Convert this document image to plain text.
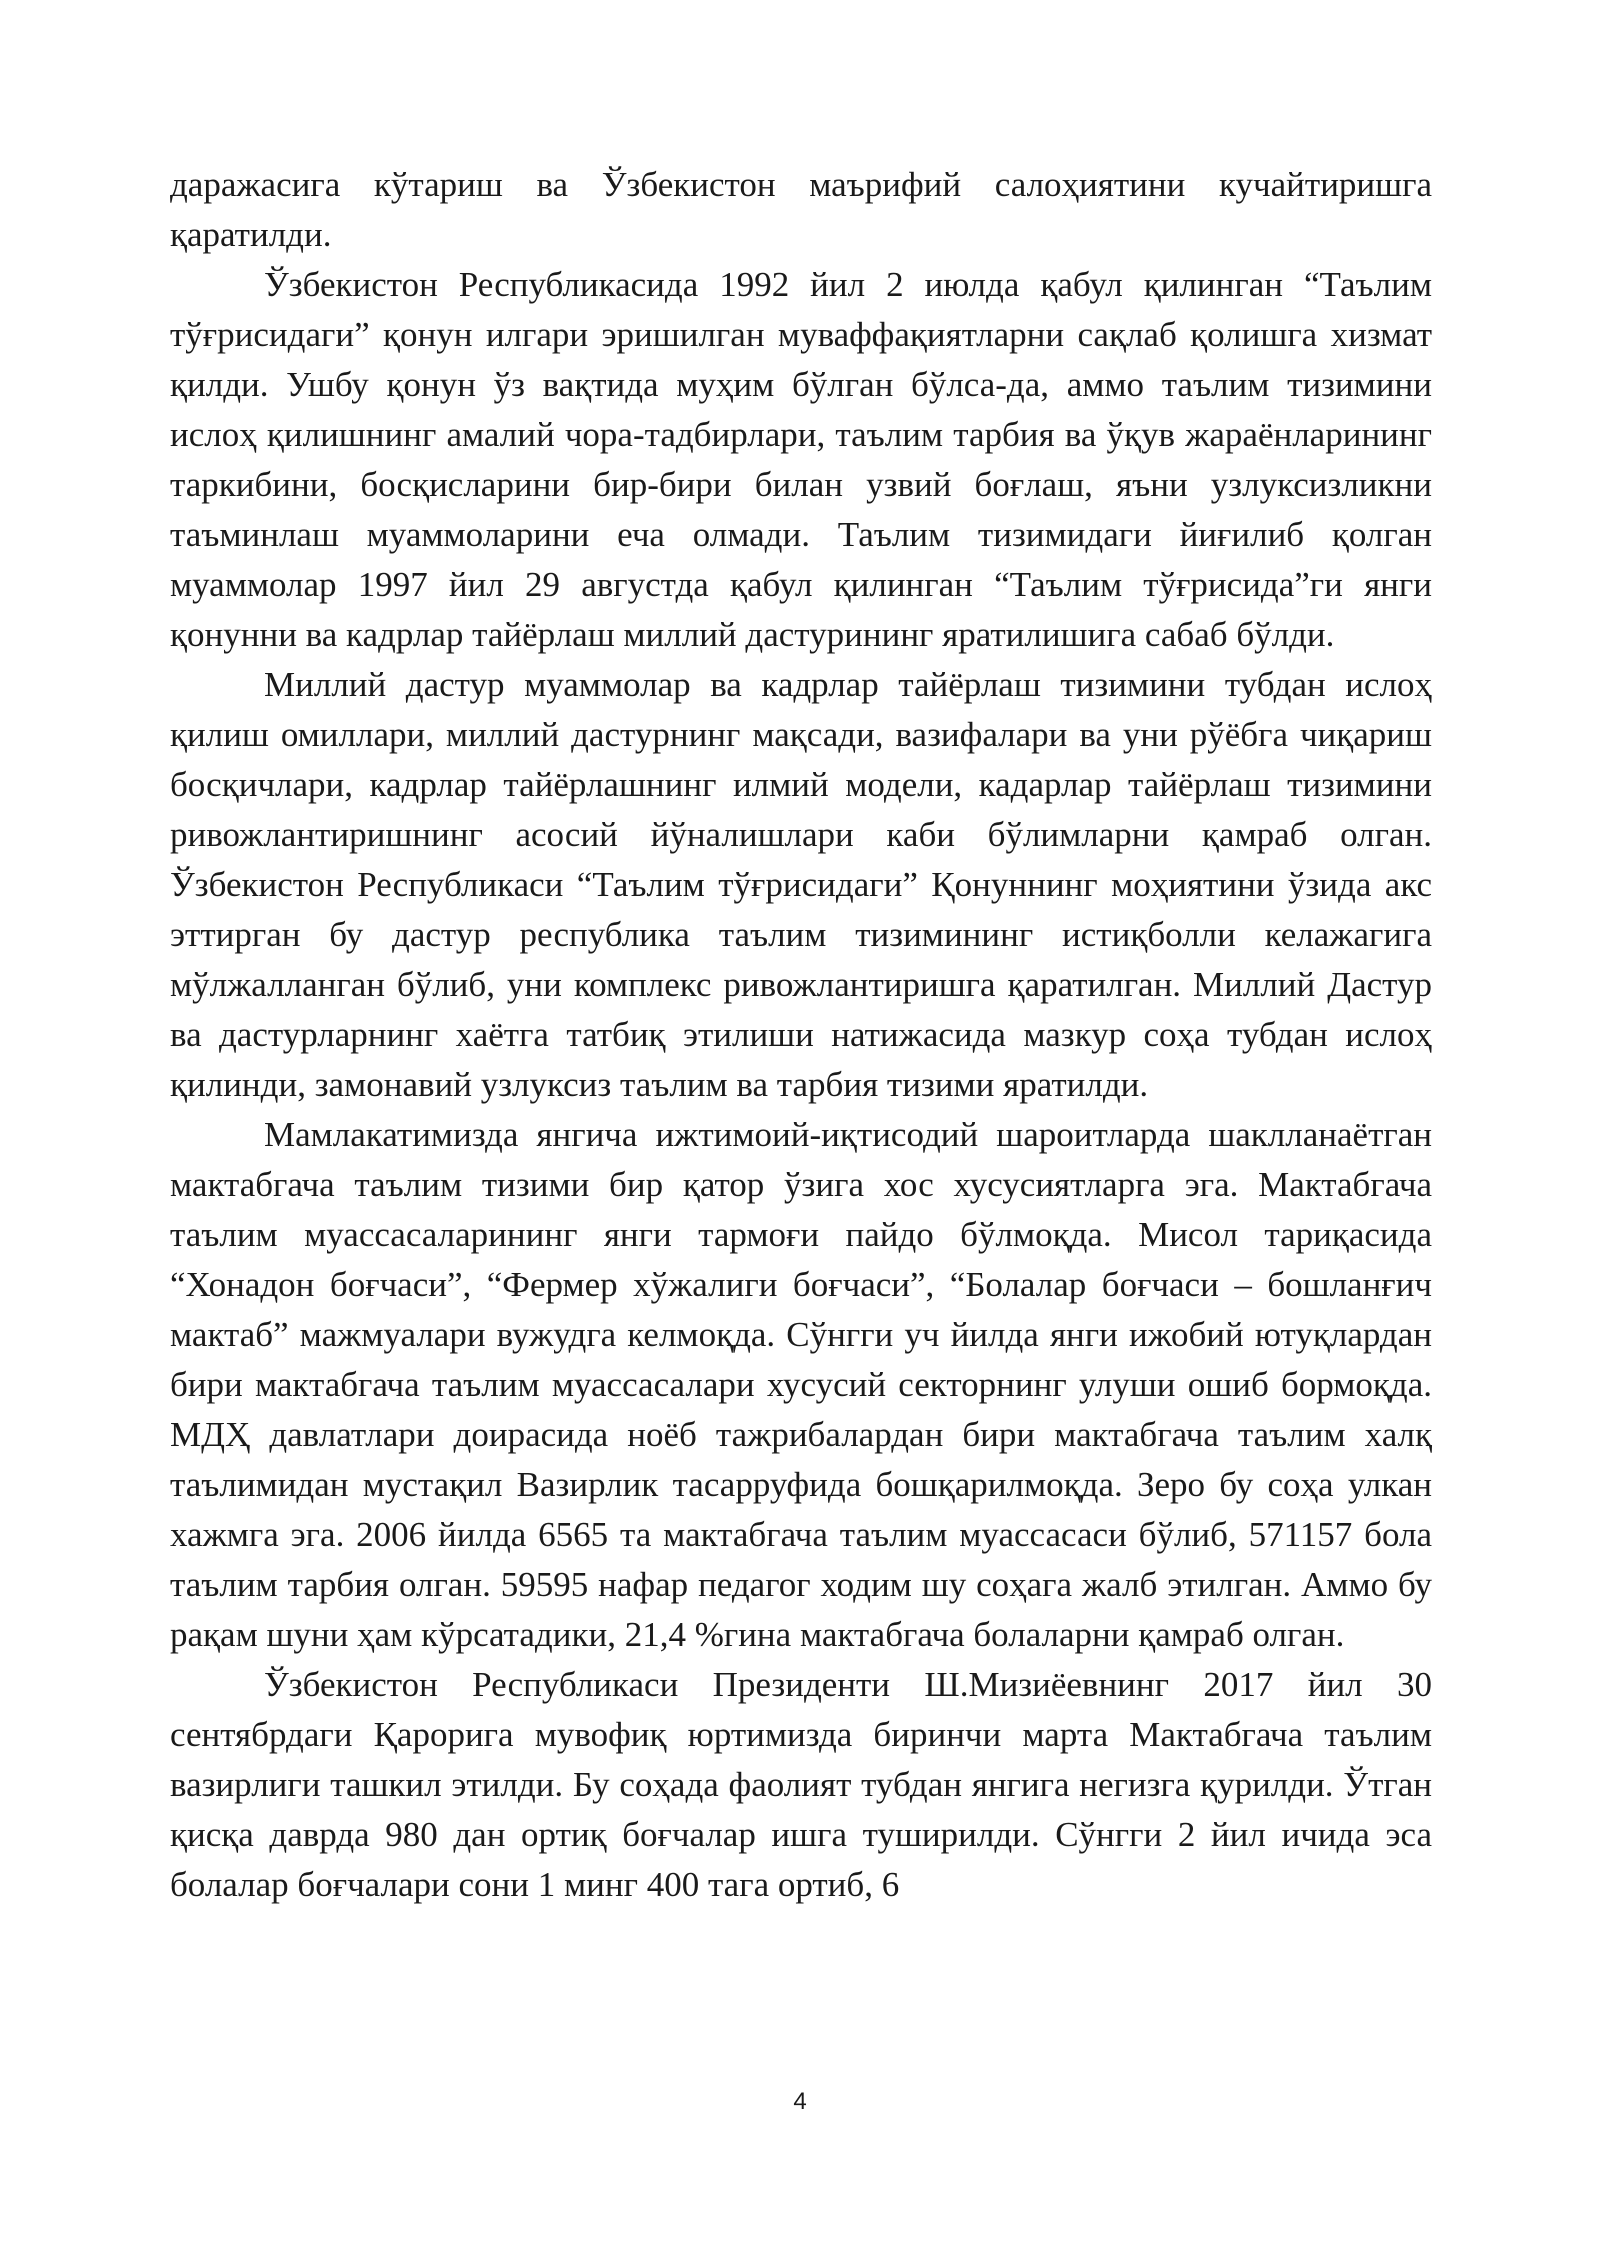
даражасига кўтариш ва Ўзбекистон маърифий салоҳиятини кучайтиришга қаратилди.

Ўзбекистон Республикасида 1992 йил 2 июлда қабул қилинган “Таълим тўғрисидаги” қонун илгари эришилган муваффақиятларни сақлаб қолишга хизмат қилди. Ушбу қонун ўз вақтида муҳим бўлган бўлса-да, аммо таълим тизимини ислоҳ қилишнинг амалий чора-тадбирлари, таълим тарбия ва ўқув жараёнларининг таркибини, босқисларини бир-бири билан узвий боғлаш, яъни узлуксизликни таъминлаш муаммоларини еча олмади. Таълим тизимидаги йиғилиб қолган муаммолар 1997 йил 29 августда қабул қилинган “Таълим тўғрисида”ги янги қонунни ва кадрлар тайёрлаш миллий дастурининг яратилишига сабаб бўлди.

Миллий дастур муаммолар ва кадрлар тайёрлаш тизимини тубдан ислоҳ қилиш омиллари, миллий дастурнинг мақсади, вазифалари ва уни рўёбга чиқариш босқичлари, кадрлар тайёрлашнинг илмий модели, кадарлар тайёрлаш тизимини ривожлантиришнинг асосий йўналишлари каби бўлимларни қамраб олган. Ўзбекистон Республикаси “Таълим тўғрисидаги” Қонуннинг моҳиятини ўзида акс эттирган бу дастур республика таълим тизимининг истиқболли келажагига мўлжалланган бўлиб, уни комплекс ривожлантиришга қаратилган. Миллий Дастур ва дастурларнинг хаётга татбиқ этилиши натижасида мазкур соҳа тубдан ислоҳ қилинди, замонавий узлуксиз таълим ва тарбия тизими яратилди.

Мамлакатимизда янгича ижтимоий-иқтисодий шароитларда шаклланаётган мактабгача таълим тизими бир қатор ўзига хос хусусиятларга эга. Мактабгача таълим муассасаларининг янги тармоғи пайдо бўлмоқда. Мисол тариқасида “Хонадон боғчаси”, “Фермер хўжалиги боғчаси”, “Болалар боғчаси – бошланғич мактаб” мажмуалари вужудга келмоқда. Сўнгги уч йилда янги ижобий ютуқлардан бири мактабгача таълим муассасалари хусусий секторнинг улуши ошиб бормоқда. МДҲ давлатлари доирасида ноёб тажрибалардан бири мактабгача таълим халқ таълимидан мустақил Вазирлик тасарруфида бошқарилмоқда. Зеро бу соҳа улкан хажмга эга. 2006 йилда 6565 та мактабгача таълим муассасаси бўлиб, 571157 бола таълим тарбия олган. 59595 нафар педагог ходим шу соҳага жалб этилган. Аммо бу рақам шуни ҳам кўрсатадики, 21,4 %гина мактабгача болаларни қамраб олган.

Ўзбекистон Республикаси Президенти Ш.Мизиёевнинг 2017 йил 30 сентябрдаги Қарорига мувофиқ юртимизда биринчи марта Мактабгача таълим вазирлиги ташкил этилди. Бу соҳада фаолият тубдан янгига негизга қурилди. Ўтган қисқа даврда 980 дан ортиқ боғчалар ишга туширилди. Сўнгги 2 йил ичида эса болалар боғчалари сони 1 минг 400 тага ортиб, 6

4
